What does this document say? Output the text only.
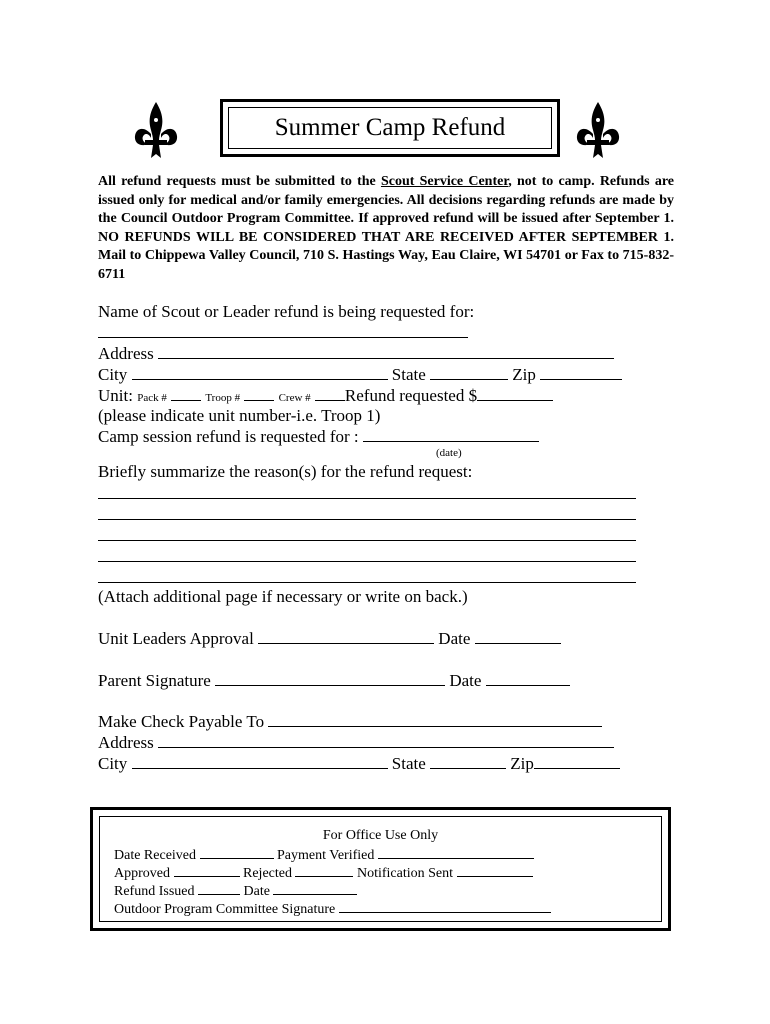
Summer Camp Refund
All refund requests must be submitted to the Scout Service Center, not to camp. Refunds are issued only for medical and/or family emergencies. All decisions regarding refunds are made by the Council Outdoor Program Committee. If approved refund will be issued after September 1. NO REFUNDS WILL BE CONSIDERED THAT ARE RECEIVED AFTER SEPTEMBER 1. Mail to Chippewa Valley Council, 710 S. Hastings Way, Eau Claire, WI 54701 or Fax to 715-832-6711
Name of Scout or Leader refund is being requested for:
Address
City	State	Zip
Unit: Pack #	Troop #	Crew # Refund requested $
(please indicate unit number-i.e. Troop 1)
Camp session refund is requested for :
(date)
Briefly summarize the reason(s) for the refund request:
(Attach additional page if necessary or write on back.)
Unit Leaders Approval	Date
Parent Signature	Date
Make Check Payable To
Address
City	State	Zip
For Office Use Only
Date Received	Payment Verified
Approved	Rejected	Notification Sent
Refund Issued	Date
Outdoor Program Committee Signature
